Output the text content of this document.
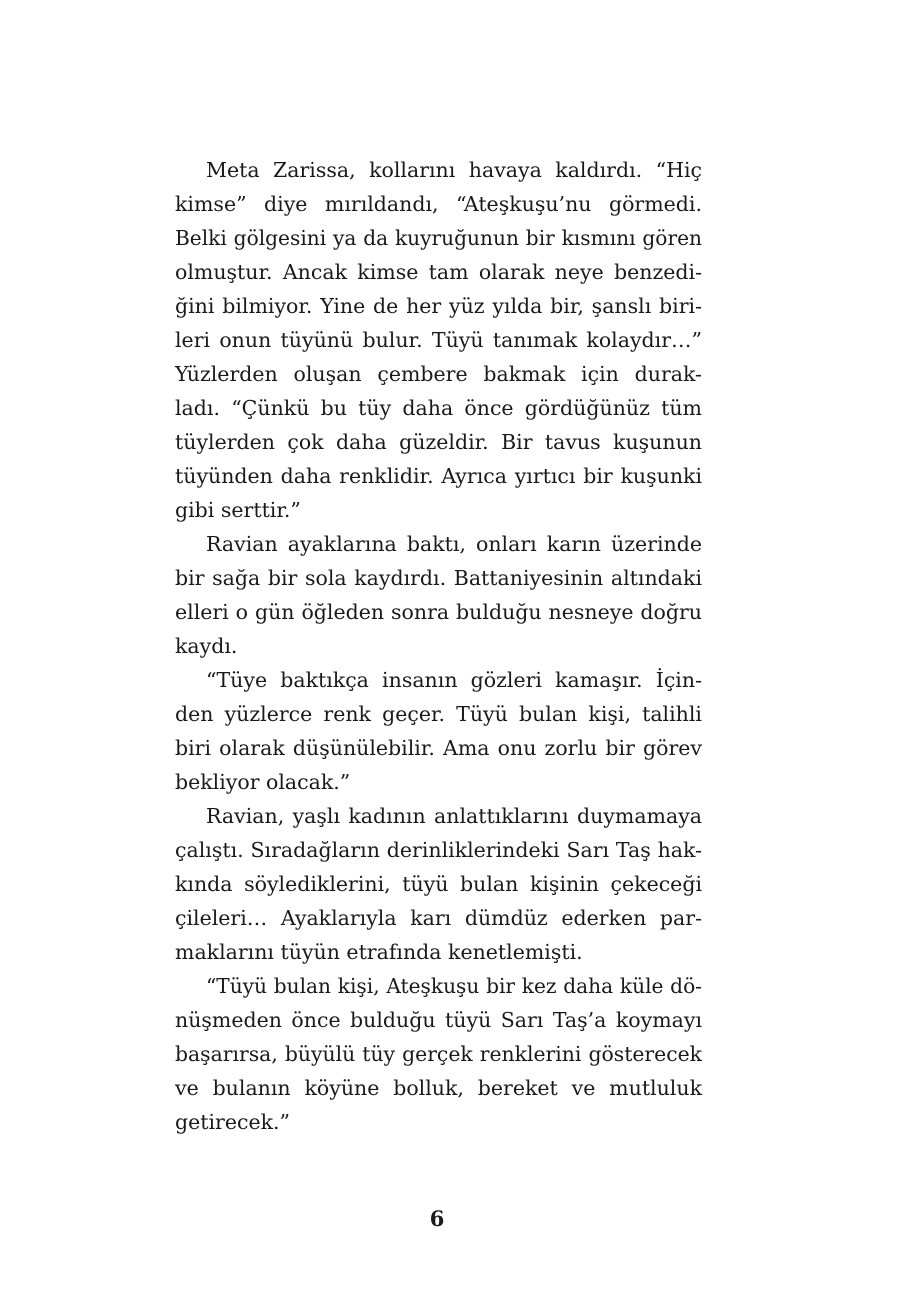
Meta Zarissa, kollarını havaya kaldırdı. “Hiç
kimse” diye mırıldandı, “Ateşkuşu’nu görmedi.
Belki gölgesini ya da kuyruğunun bir kısmını gören
olmuştur. Ancak kimse tam olarak neye benzedi-
ğini bilmiyor. Yine de her yüz yılda bir, şanslı biri-
leri onun tüyünü bulur. Tüyü tanımak kolaydır…”
Yüzlerden oluşan çembere bakmak için durak-
ladı. “Çünkü bu tüy daha önce gördüğünüz tüm
tüylerden çok daha güzeldir. Bir tavus kuşunun
tüyünden daha renklidir. Ayrıca yırtıcı bir kuşunki
gibi serttir.”
Ravian ayaklarına baktı, onları karın üzerinde
bir sağa bir sola kaydırdı. Battaniyesinin altındaki
elleri o gün öğleden sonra bulduğu nesneye doğru
kaydı.
“Tüye baktıkça insanın gözleri kamaşır. İçin-
den yüzlerce renk geçer. Tüyü bulan kişi, talihli
biri olarak düşünülebilir. Ama onu zorlu bir görev
bekliyor olacak.”
Ravian, yaşlı kadının anlattıklarını duymamaya
çalıştı. Sıradağların derinliklerindeki Sarı Taş hak-
kında söylediklerini, tüyü bulan kişinin çekeceği
çileleri… Ayaklarıyla karı dümdüz ederken par-
maklarını tüyün etrafında kenetlemişti.
“Tüyü bulan kişi, Ateşkuşu bir kez daha küle dö-
nüşmeden önce bulduğu tüyü Sarı Taş’a koymayı
başarırsa, büyülü tüy gerçek renklerini gösterecek
ve bulanın köyüne bolluk, bereket ve mutluluk
getirecek.”
6
